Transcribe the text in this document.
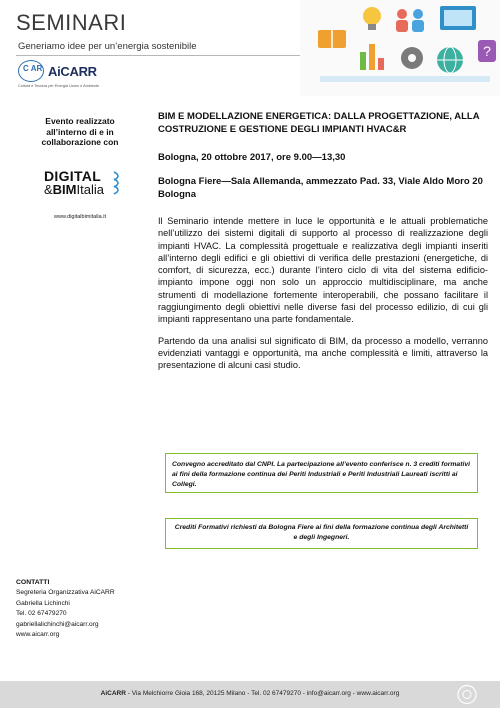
SEMINARI
Generiamo idee per un’energia sostenibile
C AR AiCARR
Cultura e Tecnica per Energia Uomo e Ambiente
?
Evento realizzato all’interno di e in collaborazione con
DIGITAL
&BIMItalia
www.digitalbimitalia.it
BIM E MODELLAZIONE ENERGETICA: DALLA PROGETTAZIONE, ALLA COSTRUZIONE E GESTIONE DEGLI IMPIANTI HVAC&R
Bologna, 20 ottobre 2017, ore 9.00—13,30
Bologna Fiere—Sala Allemanda, ammezzato Pad. 33, Viale Aldo Moro 20 Bologna
Il Seminario intende mettere in luce le opportunità e le attuali problematiche nell’utilizzo dei sistemi digitali di supporto al processo di realizzazione degli impianti HVAC. La complessità progettuale e realizzativa degli impianti inseriti all’interno degli edifici e gli obiettivi di verifica delle prestazioni (energetiche, di comfort, di sicurezza, ecc.) durante l’intero ciclo di vita del sistema edificio-impianto impone oggi non solo un approccio multidisciplinare, ma anche strumenti di modellazione fortemente interoperabili, che possano facilitare il raggiungimento degli obiettivi nelle diverse fasi del processo edilizio, di cui gli impianti rappresentano una parte fondamentale.
Partendo da una analisi sul significato di BIM, da processo a modello, verranno evidenziati vantaggi e opportunità, ma anche complessità e limiti, attraverso la presentazione di alcuni casi studio.
Convegno accreditato dal CNPI. La partecipazione all’evento conferisce n. 3 crediti formativi ai fini della formazione continua dei Periti Industriali e Periti Industriali Laureati iscritti ai Collegi.
Crediti Formativi richiesti da Bologna Fiere ai fini della formazione continua degli Architetti e degli Ingegneri.
CONTATTI
Segreteria Organizzativa AiCARR
Gabriella Lichinchi
Tel. 02 67479270
gabriellalichinchi@aicarr.org
www.aicarr.org
AiCARR - Via Melchiorre Gioia 168, 20125 Milano - Tel. 02 67479270 - info@aicarr.org - www.aicarr.org
